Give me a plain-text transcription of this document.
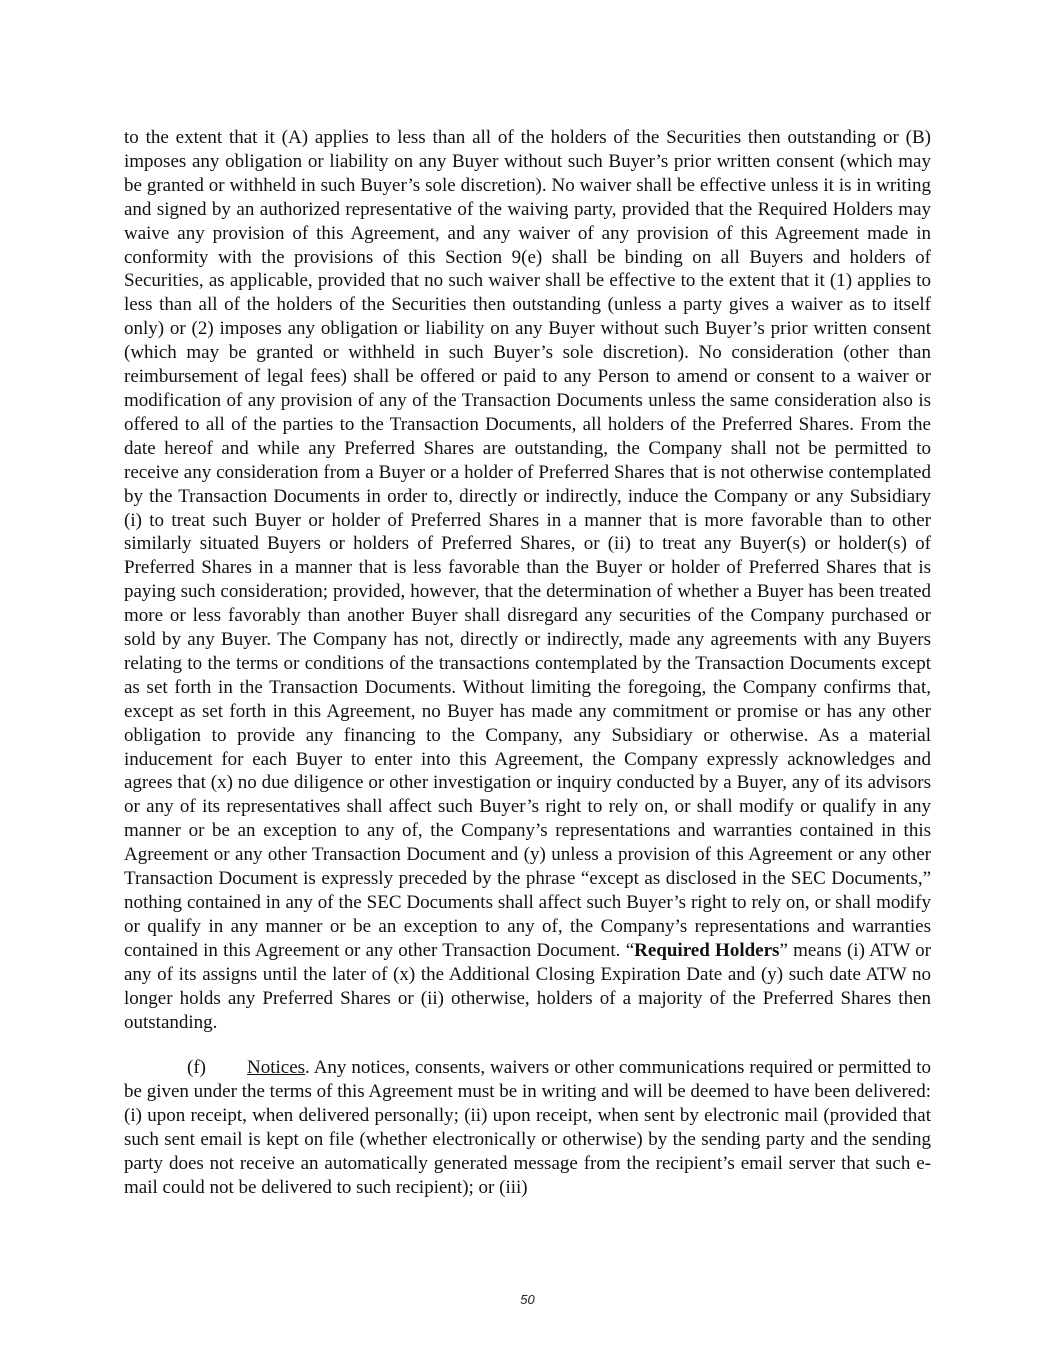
to the extent that it (A) applies to less than all of the holders of the Securities then outstanding or (B) imposes any obligation or liability on any Buyer without such Buyer’s prior written consent (which may be granted or withheld in such Buyer’s sole discretion). No waiver shall be effective unless it is in writing and signed by an authorized representative of the waiving party, provided that the Required Holders may waive any provision of this Agreement, and any waiver of any provision of this Agreement made in conformity with the provisions of this Section 9(e) shall be binding on all Buyers and holders of Securities, as applicable, provided that no such waiver shall be effective to the extent that it (1) applies to less than all of the holders of the Securities then outstanding (unless a party gives a waiver as to itself only) or (2) imposes any obligation or liability on any Buyer without such Buyer’s prior written consent (which may be granted or withheld in such Buyer’s sole discretion). No consideration (other than reimbursement of legal fees) shall be offered or paid to any Person to amend or consent to a waiver or modification of any provision of any of the Transaction Documents unless the same consideration also is offered to all of the parties to the Transaction Documents, all holders of the Preferred Shares. From the date hereof and while any Preferred Shares are outstanding, the Company shall not be permitted to receive any consideration from a Buyer or a holder of Preferred Shares that is not otherwise contemplated by the Transaction Documents in order to, directly or indirectly, induce the Company or any Subsidiary (i) to treat such Buyer or holder of Preferred Shares in a manner that is more favorable than to other similarly situated Buyers or holders of Preferred Shares, or (ii) to treat any Buyer(s) or holder(s) of Preferred Shares in a manner that is less favorable than the Buyer or holder of Preferred Shares that is paying such consideration; provided, however, that the determination of whether a Buyer has been treated more or less favorably than another Buyer shall disregard any securities of the Company purchased or sold by any Buyer. The Company has not, directly or indirectly, made any agreements with any Buyers relating to the terms or conditions of the transactions contemplated by the Transaction Documents except as set forth in the Transaction Documents. Without limiting the foregoing, the Company confirms that, except as set forth in this Agreement, no Buyer has made any commitment or promise or has any other obligation to provide any financing to the Company, any Subsidiary or otherwise. As a material inducement for each Buyer to enter into this Agreement, the Company expressly acknowledges and agrees that (x) no due diligence or other investigation or inquiry conducted by a Buyer, any of its advisors or any of its representatives shall affect such Buyer’s right to rely on, or shall modify or qualify in any manner or be an exception to any of, the Company’s representations and warranties contained in this Agreement or any other Transaction Document and (y) unless a provision of this Agreement or any other Transaction Document is expressly preceded by the phrase “except as disclosed in the SEC Documents,” nothing contained in any of the SEC Documents shall affect such Buyer’s right to rely on, or shall modify or qualify in any manner or be an exception to any of, the Company’s representations and warranties contained in this Agreement or any other Transaction Document. “Required Holders” means (i) ATW or any of its assigns until the later of (x) the Additional Closing Expiration Date and (y) such date ATW no longer holds any Preferred Shares or (ii) otherwise, holders of a majority of the Preferred Shares then outstanding.

(f) Notices. Any notices, consents, waivers or other communications required or permitted to be given under the terms of this Agreement must be in writing and will be deemed to have been delivered: (i) upon receipt, when delivered personally; (ii) upon receipt, when sent by electronic mail (provided that such sent email is kept on file (whether electronically or otherwise) by the sending party and the sending party does not receive an automatically generated message from the recipient’s email server that such e-mail could not be delivered to such recipient); or (iii)

50
